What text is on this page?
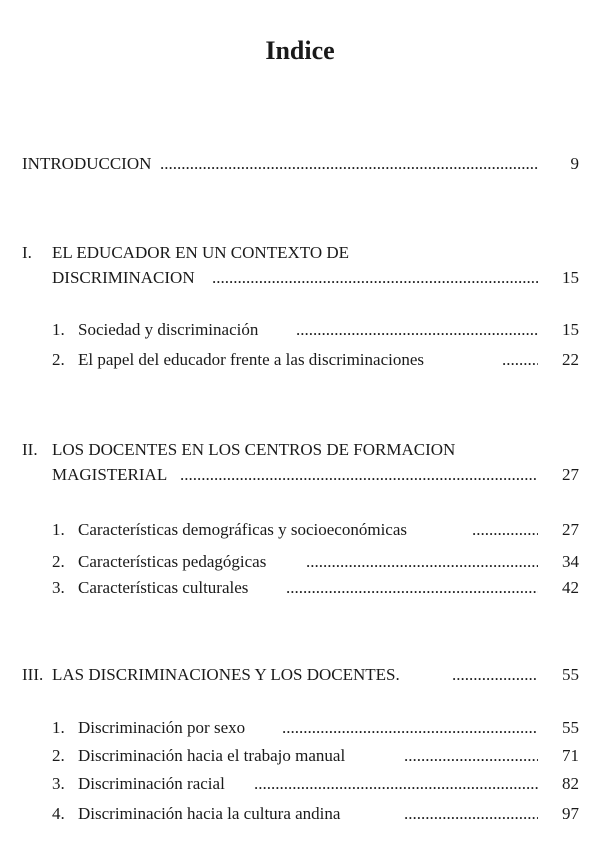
Indice
INTRODUCCION .....	9
I. EL EDUCADOR EN UN CONTEXTO DE
DISCRIMINACION .....	15
1. Sociedad y discriminación .....	15
2. El papel del educador frente a las discriminaciones .....	22
II. LOS DOCENTES EN LOS CENTROS DE FORMACION
MAGISTERIAL .....	27
1. Características demográficas y socioeconómicas .....	27
2. Características pedagógicas .....	34
3. Características culturales .....	42
III. LAS DISCRIMINACIONES Y LOS DOCENTES. .....	55
1. Discriminación por sexo .....	55
2. Discriminación hacia el trabajo manual .....	71
3. Discriminación racial .....	82
4. Discriminación hacia la cultura andina .....	97
